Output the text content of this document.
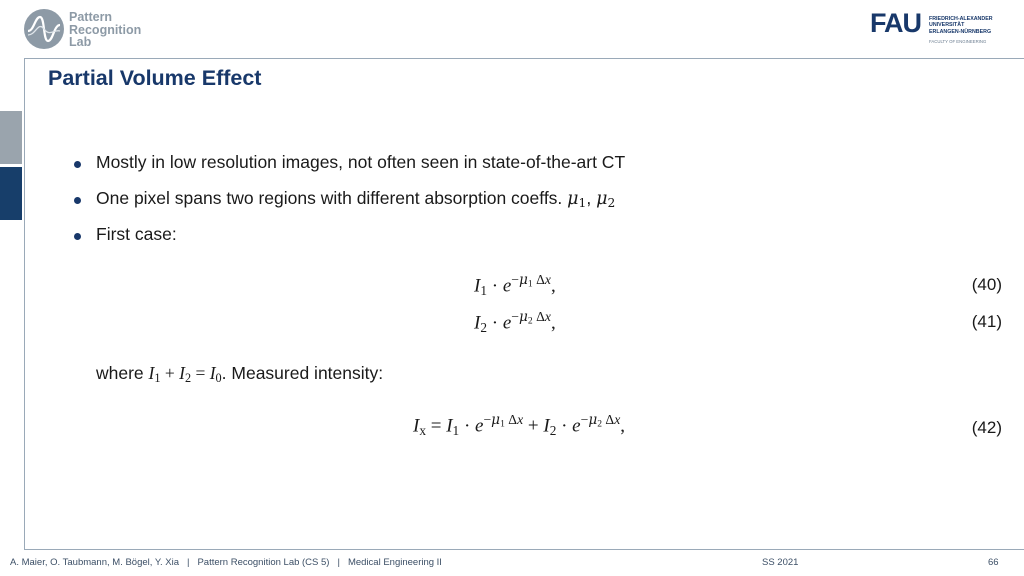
Pattern
Recognition
Lab
FAU FRIEDRICH-ALEXANDER
UNIVERSITÄT
ERLANGEN-NÜRNBERG
FACULTY OF ENGINEERING
Partial Volume Effect
Mostly in low resolution images, not often seen in state-of-the-art CT
One pixel spans two regions with different absorption coeffs. $\mu_1$, $\mu_2$
First case:
$I_1 \cdot e^{-\mu_1 \Delta x}$,	(40)
$I_2 \cdot e^{-\mu_2 \Delta x}$,	(41)
where $I_1 + I_2 = I_0$. Measured intensity:
$I_x = I_1 \cdot e^{-\mu_1 \Delta x} + I_2 \cdot e^{-\mu_2 \Delta x}$,	(42)
A. Maier, O. Taubmann, M. Bögel, Y. Xia | Pattern Recognition Lab (CS 5) | Medical Engineering II	SS 2021	66
